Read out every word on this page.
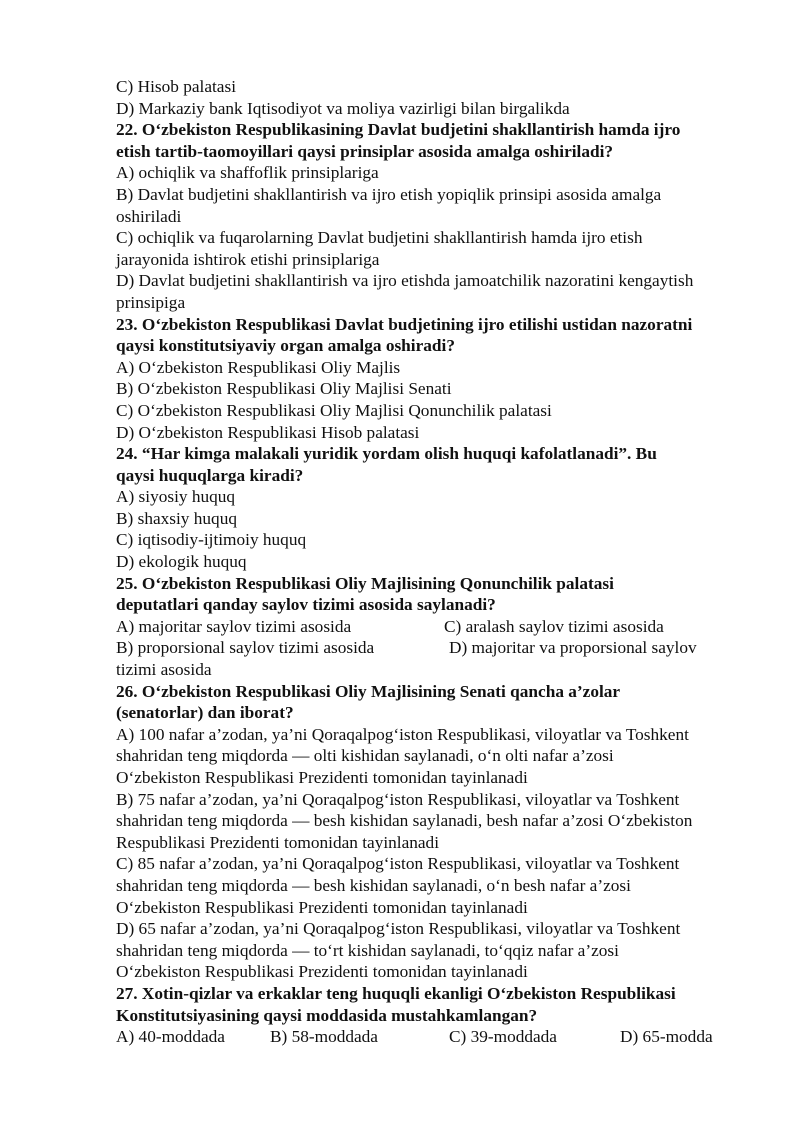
C) Hisob palatasi
D) Markaziy bank Iqtisodiyot va moliya vazirligi bilan birgalikda
22. O‘zbekiston Respublikasining Davlat budjetini shakllantirish hamda ijro
etish tartib-taomoyillari qaysi prinsiplar asosida amalga oshiriladi?
A) ochiqlik va shaffoflik prinsiplariga
B) Davlat budjetini shakllantirish va ijro etish yopiqlik prinsipi asosida amalga
oshiriladi
C) ochiqlik va fuqarolarning Davlat budjetini shakllantirish hamda ijro etish
jarayonida ishtirok etishi prinsiplariga
D) Davlat budjetini shakllantirish va ijro etishda jamoatchilik nazoratini kengaytish
prinsipiga
23. O‘zbekiston Respublikasi Davlat budjetining ijro etilishi ustidan nazoratni
qaysi konstitutsiyaviy organ amalga oshiradi?
A) O‘zbekiston Respublikasi Oliy Majlis
B) O‘zbekiston Respublikasi Oliy Majlisi Senati
C) O‘zbekiston Respublikasi Oliy Majlisi Qonunchilik palatasi
D) O‘zbekiston Respublikasi Hisob palatasi
24. “Har kimga malakali yuridik yordam olish huquqi kafolatlanadi”. Bu
qaysi huquqlarga kiradi?
A) siyosiy huquq
B) shaxsiy huquq
C) iqtisodiy-ijtimoiy huquq
D) ekologik huquq
25. O‘zbekiston Respublikasi Oliy Majlisining Qonunchilik palatasi
deputatlari qanday saylov tizimi asosida saylanadi?
A) majoritar saylov tizimi asosida	C) aralash saylov tizimi asosida
B) proporsional saylov tizimi asosida	D) majoritar va proporsional saylov
tizimi asosida
26. O‘zbekiston Respublikasi Oliy Majlisining Senati qancha a’zolar
(senatorlar) dan iborat?
A) 100 nafar a’zodan, ya’ni Qoraqalpog‘iston Respublikasi, viloyatlar va Toshkent
shahridan teng miqdorda — olti kishidan saylanadi, o‘n olti nafar a’zosi
O‘zbekiston Respublikasi Prezidenti tomonidan tayinlanadi
B) 75 nafar a’zodan, ya’ni Qoraqalpog‘iston Respublikasi, viloyatlar va Toshkent
shahridan teng miqdorda — besh kishidan saylanadi, besh nafar a’zosi O‘zbekiston
Respublikasi Prezidenti tomonidan tayinlanadi
C) 85 nafar a’zodan, ya’ni Qoraqalpog‘iston Respublikasi, viloyatlar va Toshkent
shahridan teng miqdorda — besh kishidan saylanadi, o‘n besh nafar a’zosi
O‘zbekiston Respublikasi Prezidenti tomonidan tayinlanadi
D) 65 nafar a’zodan, ya’ni Qoraqalpog‘iston Respublikasi, viloyatlar va Toshkent
shahridan teng miqdorda — to‘rt kishidan saylanadi, to‘qqiz nafar a’zosi
O‘zbekiston Respublikasi Prezidenti tomonidan tayinlanadi
27. Xotin-qizlar va erkaklar teng huquqli ekanligi O‘zbekiston Respublikasi
Konstitutsiyasining qaysi moddasida mustahkamlangan?
A) 40-moddada	B) 58-moddada	C) 39-moddada	D) 65-modda
